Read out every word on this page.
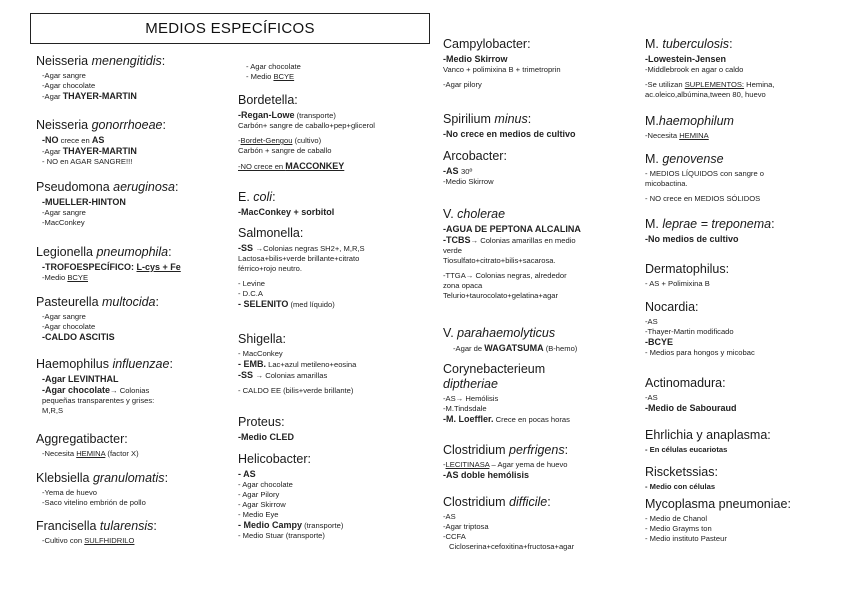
MEDIOS ESPECÍFICOS
Neisseria menengitidis:
-Agar sangre
-Agar chocolate
-Agar THAYER-MARTIN
Neisseria gonorrhoeae:
-NO crece en AS
-Agar THAYER-MARTIN
- NO en AGAR SANGRE!!!
Pseudomona aeruginosa:
-MUELLER-HINTON
-Agar sangre
-MacConkey
Legionella pneumophila:
-TROFOESPECÍFICO: L-cys + Fe
-Medio BCYE
Pasteurella multocida:
-Agar sangre
-Agar chocolate
-CALDO ASCITIS
Haemophilus influenzae:
-Agar LEVINTHAL
-Agar chocolate→ Colonias
pequeñas transparentes y grises:
M,R,S
Aggregatibacter:
-Necesita HEMINA (factor X)
Klebsiella granulomatis:
-Yema de huevo
-Saco vitelino embrión de pollo
Francisella tularensis:
-Cultivo con SULFHIDRILO
- Agar chocolate
- Medio BCYE
Bordetella:
-Regan-Lowe (transporte)
Carbón+ sangre de caballo+pep+glicerol
-Bordet-Gengou (cultivo)
Carbón + sangre de caballo
-NO crece en MACCONKEY
E. coli:
-MacConkey + sorbitol
Salmonella:
-SS →Colonias negras SH2+, M,R,S
Lactosa+bilis+verde brillante+citrato
férrico+rojo neutro.
- Levine
- D.C.A
- SELENITO (med líquido)
Shigella:
- MacConkey
- EMB. Lac+azul metileno+eosina
-SS → Colonias amarillas
- CALDO EE (bilis+verde brillante)
Proteus:
-Medio CLED
Helicobacter:
- AS
- Agar chocolate
- Agar Pilory
- Agar Skirrow
- Medio Eye
- Medio Campy (transporte)
- Medio Stuar (transporte)
Campylobacter:
-Medio Skirrow
Vanco + polimixina B + trimetroprin
-Agar pilory
Spirilium minus:
-No crece en medios de cultivo
Arcobacter:
-AS 30º
-Medio Skirrow
V. cholerae
-AGUA DE PEPTONA ALCALINA
-TCBS→ Colonias amarillas en medio
verde
Tiosulfato+citrato+bilis+sacarosa.
-TTGA→ Colonias negras, alrededor
zona opaca
Telurio+taurocolato+gelatina+agar
V. parahaemolyticus
-Agar de WAGATSUMA (B-hemo)
Corynebacterieum
diptheriae
-AS→ Hemólisis
-M.Tindsdale
-M. Loeffler. Crece en pocas horas
Clostridium perfrigens:
-LECITINASA – Agar yema de huevo
-AS doble hemólisis
Clostridium difficile:
-AS
-Agar triptosa
-CCFA
Cicloserina+cefoxitina+fructosa+agar
M. tuberculosis:
-Lowestein-Jensen
-Middlebrook en agar o caldo
-Se utilizan SUPLEMENTOS: Hemina,
ac.oleico,albúmina,tween 80, huevo
M.haemophilum
-Necesita HEMINA
M. genovense
- MEDIOS LÍQUIDOS con sangre o
micobactina.
- NO crece en MEDIOS SÓLIDOS
M. leprae = treponema:
-No medios de cultivo
Dermatophilus:
- AS + Polimixina B
Nocardia:
-AS
-Thayer-Martin modificado
-BCYE
- Medios para hongos y micobac
Actinomadura:
-AS
-Medio de Sabouraud
Ehrlichia y anaplasma:
- En células eucariotas
Riscketssias:
- Medio con células
Mycoplasma pneumoniae:
- Medio de Chanol
- Medio Grayms ton
- Medio instituto Pasteur
